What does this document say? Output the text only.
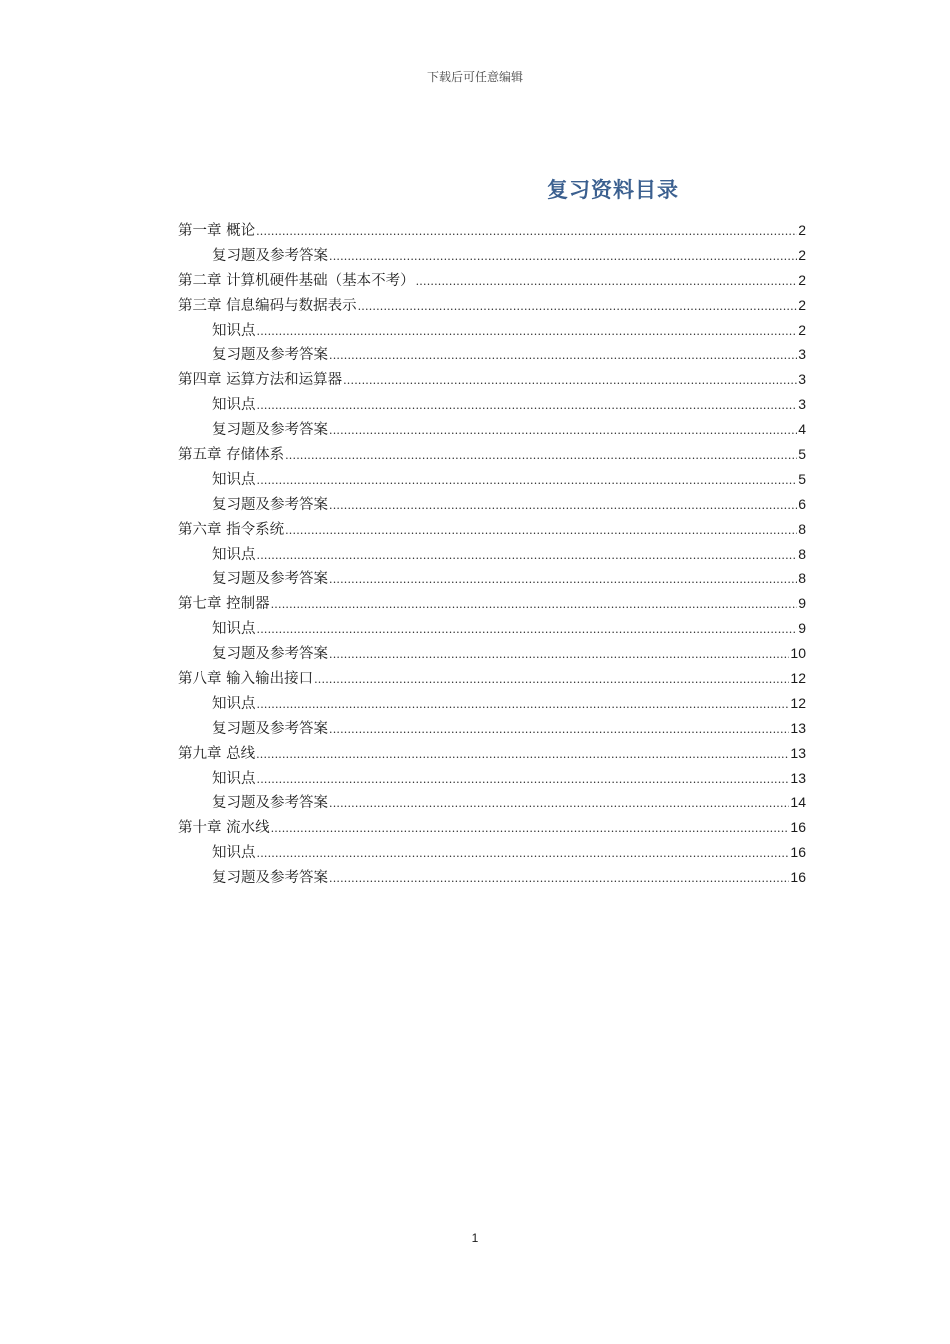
下载后可任意编辑
复习资料目录
第一章 概论 .....	2
复习题及参考答案 .....	2
第二章 计算机硬件基础（基本不考） .....	2
第三章 信息编码与数据表示 .....	2
知识点 .....	2
复习题及参考答案 .....	3
第四章 运算方法和运算器 .....	3
知识点 .....	3
复习题及参考答案 .....	4
第五章 存储体系 .....	5
知识点 .....	5
复习题及参考答案 .....	6
第六章 指令系统 .....	8
知识点 .....	8
复习题及参考答案 .....	8
第七章 控制器 .....	9
知识点 .....	9
复习题及参考答案 .....	10
第八章 输入输出接口 .....	12
知识点 .....	12
复习题及参考答案 .....	13
第九章 总线 .....	13
知识点 .....	13
复习题及参考答案 .....	14
第十章 流水线 .....	16
知识点 .....	16
复习题及参考答案 .....	16
1
